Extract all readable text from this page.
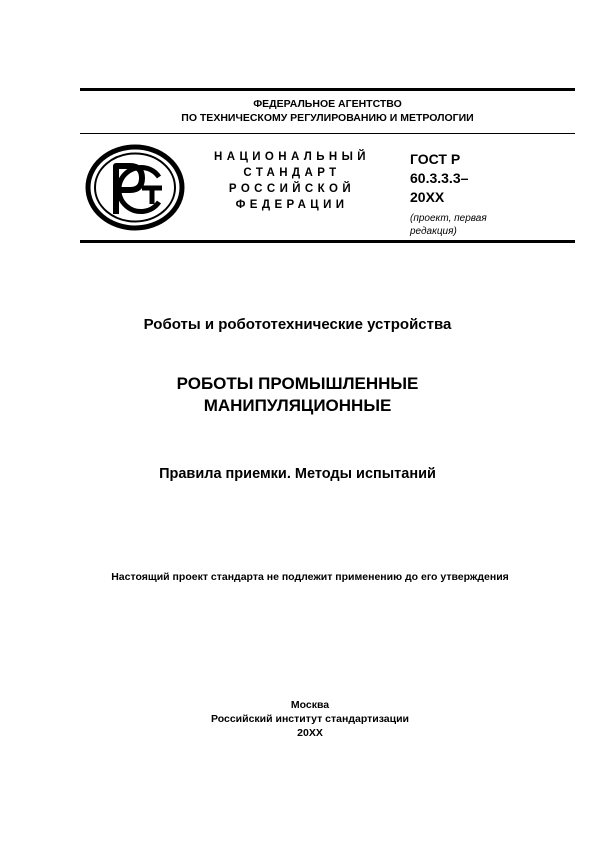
ФЕДЕРАЛЬНОЕ АГЕНТСТВО
ПО ТЕХНИЧЕСКОМУ РЕГУЛИРОВАНИЮ И МЕТРОЛОГИИ
НАЦИОНАЛЬНЫЙ
СТАНДАРТ
РОССИЙСКОЙ
ФЕДЕРАЦИИ
ГОСТ Р
60.3.3.3–
20XX
(проект, первая
редакция)
Роботы и робототехнические устройства
РОБОТЫ ПРОМЫШЛЕННЫЕ
МАНИПУЛЯЦИОННЫЕ
Правила приемки. Методы испытаний
Настоящий проект стандарта не подлежит применению до его утверждения
Москва
Российский институт стандартизации
20XX
